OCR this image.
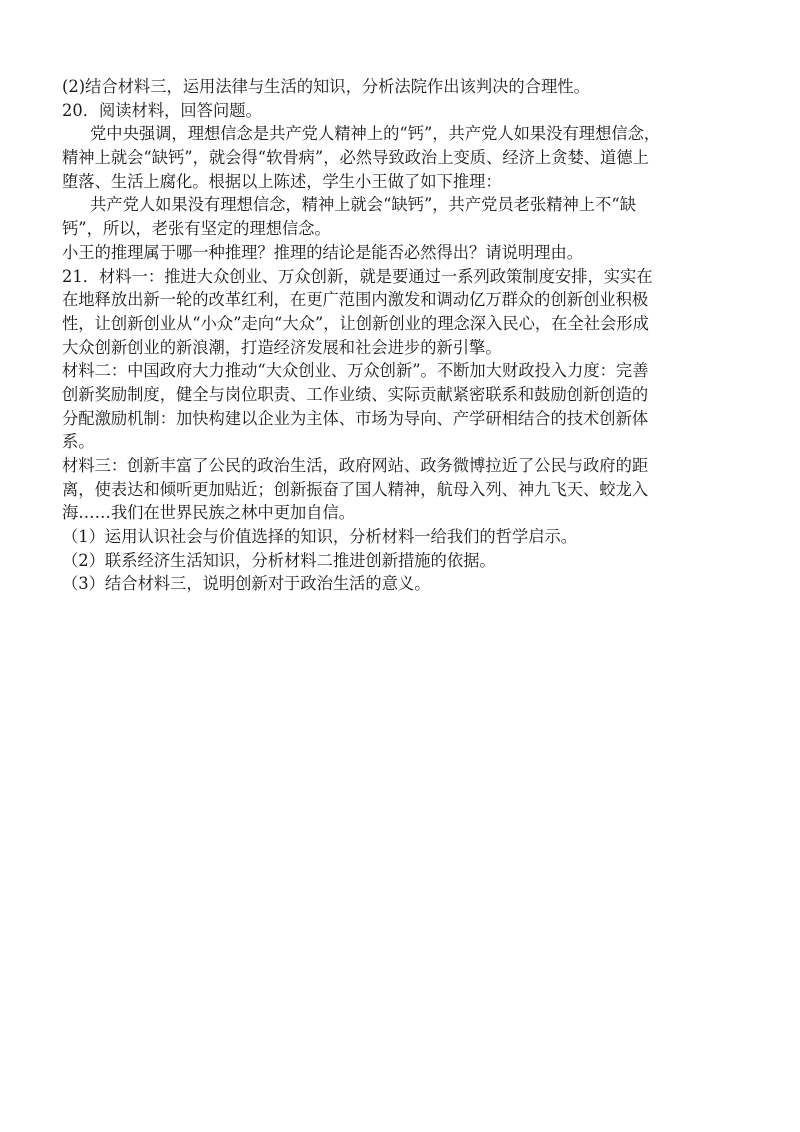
(2)结合材料三，运用法律与生活的知识，分析法院作出该判决的合理性。
20．阅读材料，回答问题。
党中央强调，理想信念是共产党人精神上的“钙”，共产党人如果没有理想信念，
精神上就会“缺钙”，就会得“软骨病”，必然导致政治上变质、经济上贪婪、道德上
堕落、生活上腐化。根据以上陈述，学生小王做了如下推理：
共产党人如果没有理想信念，精神上就会“缺钙”，共产党员老张精神上不“缺
钙”，所以，老张有坚定的理想信念。
小王的推理属于哪一种推理？推理的结论是能否必然得出？请说明理由。
21．材料一：推进大众创业、万众创新，就是要通过一系列政策制度安排，实实在
在地释放出新一轮的改革红利，在更广范围内激发和调动亿万群众的创新创业积极
性，让创新创业从“小众”走向“大众”，让创新创业的理念深入民心，在全社会形成
大众创新创业的新浪潮，打造经济发展和社会进步的新引擎。
材料二：中国政府大力推动“大众创业、万众创新”。不断加大财政投入力度：完善
创新奖励制度，健全与岗位职责、工作业绩、实际贡献紧密联系和鼓励创新创造的
分配激励机制：加快构建以企业为主体、市场为导向、产学研相结合的技术创新体
系。
材料三：创新丰富了公民的政治生活，政府网站、政务微博拉近了公民与政府的距
离，使表达和倾听更加贴近；创新振奋了国人精神，航母入列、神九飞天、蛟龙入
海……我们在世界民族之林中更加自信。
（1）运用认识社会与价值选择的知识，分析材料一给我们的哲学启示。
（2）联系经济生活知识，分析材料二推进创新措施的依据。
（3）结合材料三，说明创新对于政治生活的意义。
